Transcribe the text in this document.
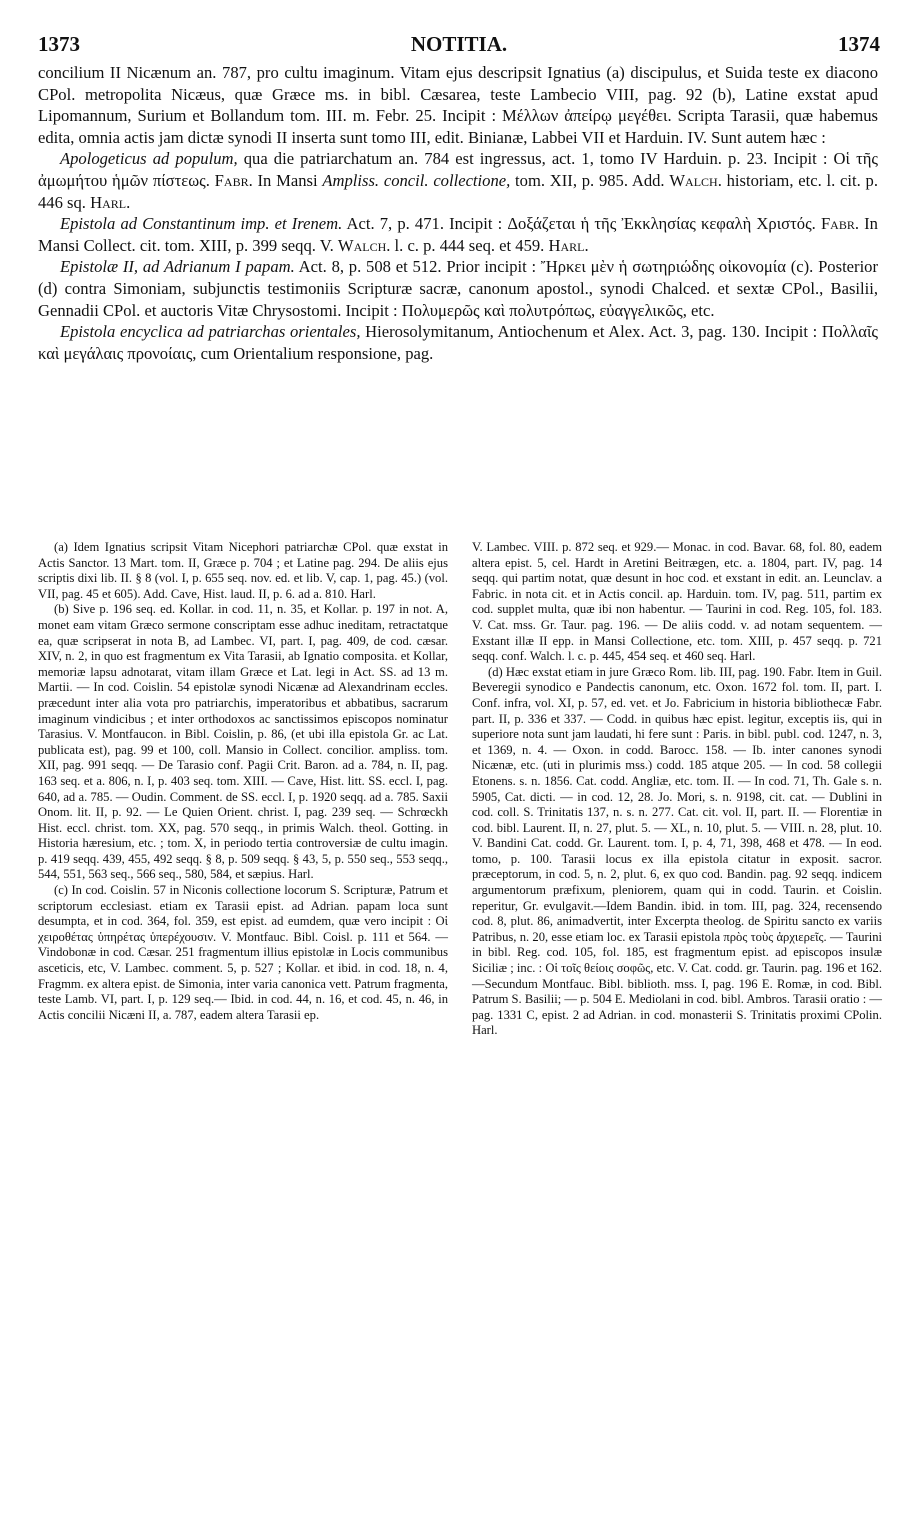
1373	NOTITIA.	1374

concilium II Nicænum an. 787, pro cultu imaginum. Vitam ejus descripsit Ignatius (a) discipulus, et Suida teste ex diacono CPol. metropolita Nicæus, quæ Græce ms. in bibl. Cæsarea, teste Lambecio VIII, pag. 92 (b), Latine exstat apud Lipomannum, Surium et Bollandum tom. III. m. Febr. 25. Incipit : Μέλλων ἀπείρῳ μεγέθει. Scripta Tarasii, quæ habemus edita, omnia actis jam dictæ synodi II inserta sunt tomo III, edit. Binianæ, Labbei VII et Harduin. IV. Sunt autem hæc :

Apologeticus ad populum, qua die patriarchatum an. 784 est ingressus, act. 1, tomo IV Harduin. p. 23. Incipit : Οἱ τῆς ἀμωμήτου ἡμῶν πίστεως. Fabr. In Mansi Ampliss. concil. collectione, tom. XII, p. 985. Add. Walch. historiam, etc. l. cit. p. 446 sq. Harl.

Epistola ad Constantinum imp. et Irenem. Act. 7, p. 471. Incipit : Δοξάζεται ἡ τῆς Ἐκκλησίας κεφαλὴ Χριστός. Fabr. In Mansi Collect. cit. tom. XIII, p. 399 seqq. V. Walch. l. c. p. 444 seq. et 459. Harl.

Epistolæ II, ad Adrianum I papam. Act. 8, p. 508 et 512. Prior incipit : Ἤρκει μὲν ἡ σωτηριώδης οἰκονομία (c). Posterior (d) contra Simoniam, subjunctis testimoniis Scripturæ sacræ, canonum apostol., synodi Chalced. et sextæ CPol., Basilii, Gennadii CPol. et auctoris Vitæ Chrysostomi. Incipit : Πολυμερῶς καὶ πολυτρόπως, εὐαγγελικῶς, etc.

Epistola encyclica ad patriarchas orientales, Hierosolymitanum, Antiochenum et Alex. Act. 3, pag. 130. Incipit : Πολλαῖς καὶ μεγάλαις προνοίαις, cum Orientalium responsione, pag.

(a) Idem Ignatius scripsit Vitam Nicephori patriarchæ CPol. quæ exstat in Actis Sanctor. 13 Mart. tom. II, Græce p. 704 ; et Latine pag. 294. De aliis ejus scriptis dixi lib. II. § 8 (vol. I, p. 655 seq. nov. ed. et lib. V, cap. 1, pag. 45.) (vol. VII, pag. 45 et 605). Add. Cave, Hist. laud. II, p. 6. ad a. 810. Harl.

(b) Sive p. 196 seq. ed. Kollar. in cod. 11, n. 35, et Kollar. p. 197 in not. A, monet eam vitam Græco sermone conscriptam esse adhuc ineditam, retractatque ea, quæ scripserat in nota B, ad Lambec. VI, part. I, pag. 409, de cod. cæsar. XIV, n. 2, in quo est fragmentum ex Vita Tarasii, ab Ignatio composita. et Kollar, memoriæ lapsu adnotarat, vitam illam Græce et Lat. legi in Act. SS. ad 13 m. Martii. — In cod. Coislin. 54 epistolæ synodi Nicænæ ad Alexandrinam eccles. præcedunt inter alia vota pro patriarchis, imperatoribus et abbatibus, sacrarum imaginum vindicibus ; et inter orthodoxos ac sanctissimos episcopos nominatur Tarasius. V. Montfaucon. in Bibl. Coislin, p. 86, (et ubi illa epistola Gr. ac Lat. publicata est), pag. 99 et 100, coll. Mansio in Collect. concilior. ampliss. tom. XII, pag. 991 seqq. — De Tarasio conf. Pagii Crit. Baron. ad a. 784, n. II, pag. 163 seq. et a. 806, n. I, p. 403 seq. tom. XIII. — Cave, Hist. litt. SS. eccl. I, pag. 640, ad a. 785. — Oudin. Comment. de SS. eccl. I, p. 1920 seqq. ad a. 785. Saxii Onom. lit. II, p. 92. — Le Quien Orient. christ. I, pag. 239 seq. — Schrœckh Hist. eccl. christ. tom. XX, pag. 570 seqq., in primis Walch. theol. Gotting. in Historia hæresium, etc. ; tom. X, in periodo tertia controversiæ de cultu imagin. p. 419 seqq. 439, 455, 492 seqq. § 8, p. 509 seqq. § 43, 5, p. 550 seq., 553 seqq., 544, 551, 563 seq., 566 seq., 580, 584, et sæpius. Harl.

(c) In cod. Coislin. 57 in Niconis collectione locorum S. Scripturæ, Patrum et scriptorum ecclesiast. etiam ex Tarasii epist. ad Adrian. papam loca sunt desumpta, et in cod. 364, fol. 359, est epist. ad eumdem, quæ vero incipit : Οἱ χειροθέτας ὑπηρέτας ὑπερέχουσιν. V. Montfauc. Bibl. Coisl. p. 111 et 564. — Vindobonæ in cod. Cæsar. 251 fragmentum illius epistolæ in Locis communibus asceticis, etc, V. Lambec. comment. 5, p. 527 ; Kollar. et ibid. in cod. 18, n. 4, Fragmm. ex altera epist. de Simonia, inter varia canonica vett. Patrum fragmenta, teste Lamb. VI, part. I, p. 129 seq.— Ibid. in cod. 44, n. 16, et cod. 45, n. 46, in Actis concilii Nicæni II, a. 787, eadem altera Tarasii ep.

V. Lambec. VIII. p. 872 seq. et 929.— Monac. in cod. Bavar. 68, fol. 80, eadem altera epist. 5, cel. Hardt in Aretini Beitrægen, etc. a. 1804, part. IV, pag. 14 seqq. qui partim notat, quæ desunt in hoc cod. et exstant in edit. an. Leunclav. a Fabric. in nota cit. et in Actis concil. ap. Harduin. tom. IV, pag. 511, partim ex cod. supplet multa, quæ ibi non habentur. — Taurini in cod. Reg. 105, fol. 183. V. Cat. mss. Gr. Taur. pag. 196. — De aliis codd. v. ad notam sequentem. — Exstant illæ II epp. in Mansi Collectione, etc. tom. XIII, p. 457 seqq. p. 721 seqq. conf. Walch. l. c. p. 445, 454 seq. et 460 seq. Harl.

(d) Hæc exstat etiam in jure Græco Rom. lib. III, pag. 190. Fabr. Item in Guil. Beveregii synodico e Pandectis canonum, etc. Oxon. 1672 fol. tom. II, part. I. Conf. infra, vol. XI, p. 57, ed. vet. et Jo. Fabricium in historia bibliothecæ Fabr. part. II, p. 336 et 337. — Codd. in quibus hæc epist. legitur, exceptis iis, qui in superiore nota sunt jam laudati, hi fere sunt : Paris. in bibl. publ. cod. 1247, n. 3, et 1369, n. 4. — Oxon. in codd. Barocc. 158. — Ib. inter canones synodi Nicænæ, etc. (uti in plurimis mss.) codd. 185 atque 205. — In cod. 58 collegii Etonens. s. n. 1856. Cat. codd. Angliæ, etc. tom. II. — In cod. 71, Th. Gale s. n. 5905, Cat. dicti. — in cod. 12, 28. Jo. Mori, s. n. 9198, cit. cat. — Dublini in cod. coll. S. Trinitatis 137, n. s. n. 277. Cat. cit. vol. II, part. II. — Florentiæ in cod. bibl. Laurent. II, n. 27, plut. 5. — XL, n. 10, plut. 5. — VIII. n. 28, plut. 10. V. Bandini Cat. codd. Gr. Laurent. tom. I, p. 4, 71, 398, 468 et 478. — In eod. tomo, p. 100. Tarasii locus ex illa epistola citatur in exposit. sacror. præceptorum, in cod. 5, n. 2, plut. 6, ex quo cod. Bandin. pag. 92 seqq. indicem argumentorum præfixum, pleniorem, quam qui in codd. Taurin. et Coislin. reperitur, Gr. evulgavit.—Idem Bandin. ibid. in tom. III, pag. 324, recensendo cod. 8, plut. 86, animadvertit, inter Excerpta theolog. de Spiritu sancto ex variis Patribus, n. 20, esse etiam loc. ex Tarasii epistola πρὸς τοὺς ἀρχιερεῖς. — Taurini in bibl. Reg. cod. 105, fol. 185, est fragmentum epist. ad episcopos insulæ Siciliæ ; inc. : Οἱ τοῖς θείοις σοφῶς, etc. V. Cat. codd. gr. Taurin. pag. 196 et 162.—Secundum Montfauc. Bibl. biblioth. mss. I, pag. 196 E. Romæ, in cod. Bibl. Patrum S. Basilii; — p. 504 E. Mediolani in cod. bibl. Ambros. Tarasii oratio : — pag. 1331 C, epist. 2 ad Adrian. in cod. monasterii S. Trinitatis proximi CPolin. Harl.
